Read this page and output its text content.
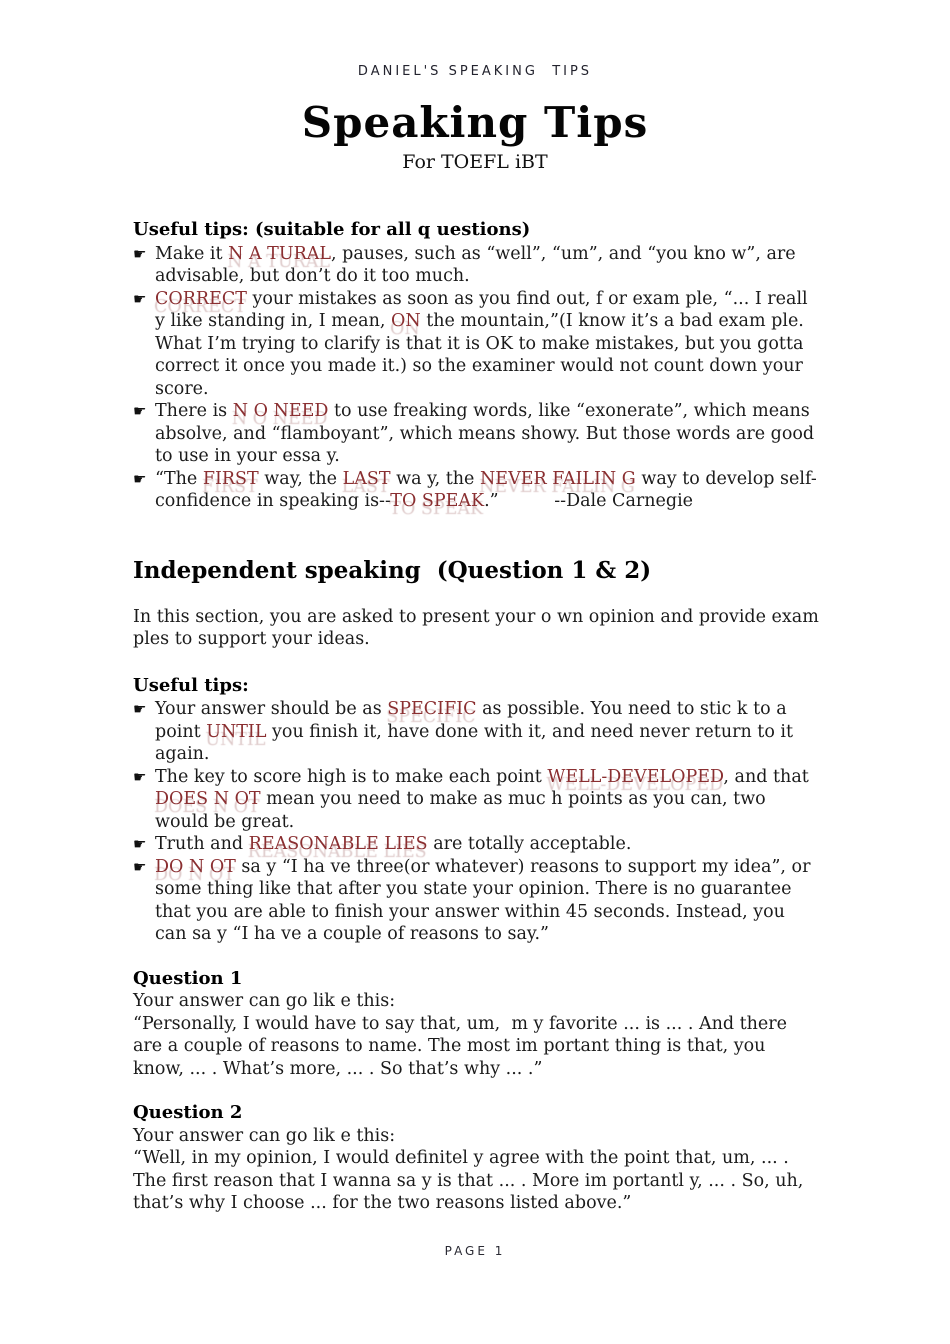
DANIEL'S SPEAKING  TIPS
Speaking Tips
For TOEFL iBT
Useful tips: (suitable for all q uestions)
☛ Make it N A TURAL, pauses, such as “well”, “um”, and “you kno w”, are advisable, but don’t do it too much.
☛ CORRECT your mistakes as soon as you find out, f or exam ple, “... I reall y like standing in, I mean, ON the mountain,”(I know it’s a bad exam ple. What I’m trying to clarify is that it is OK to make mistakes, but you gotta correct it once you made it.) so the examiner would not count down your score.
☛ There is N O NEED to use freaking words, like “exonerate”, which means absolve, and “flamboyant”, which means showy. But those words are good to use in your essa y.
☛ “The FIRST way, the LAST wa y, the NEVER FAILIN G way to develop self-confidence in speaking is--TO SPEAK.”          --Dale Carnegie
Independent speaking  (Question 1 & 2)
In this section, you are asked to present your o wn opinion and provide exam ples to support your ideas.
Useful tips:
☛ Your answer should be as SPECIFIC as possible. You need to stic k to a point UNTIL you finish it, have done with it, and need never return to it again.
☛ The key to score high is to make each point WELL-DEVELOPED, and that DOES N OT mean you need to make as muc h points as you can, two would be great.
☛ Truth and REASONABLE LIES are totally acceptable.
☛ DO N OT sa y “I ha ve three(or whatever) reasons to support my idea”, or some thing like that after you state your opinion. There is no guarantee that you are able to finish your answer within 45 seconds. Instead, you can sa y “I ha ve a couple of reasons to say.”
Question 1
Your answer can go lik e this:
“Personally, I would have to say that, um,  m y favorite ... is ... . And there are a couple of reasons to name. The most im portant thing is that, you know, ... . What’s more, ... . So that’s why ... .”
Question 2
Your answer can go lik e this:
“Well, in my opinion, I would definitel y agree with the point that, um, ... . The first reason that I wanna sa y is that ... . More im portantl y, ... . So, uh,  that’s why I choose ... for the two reasons listed above.”
PAGE 1
